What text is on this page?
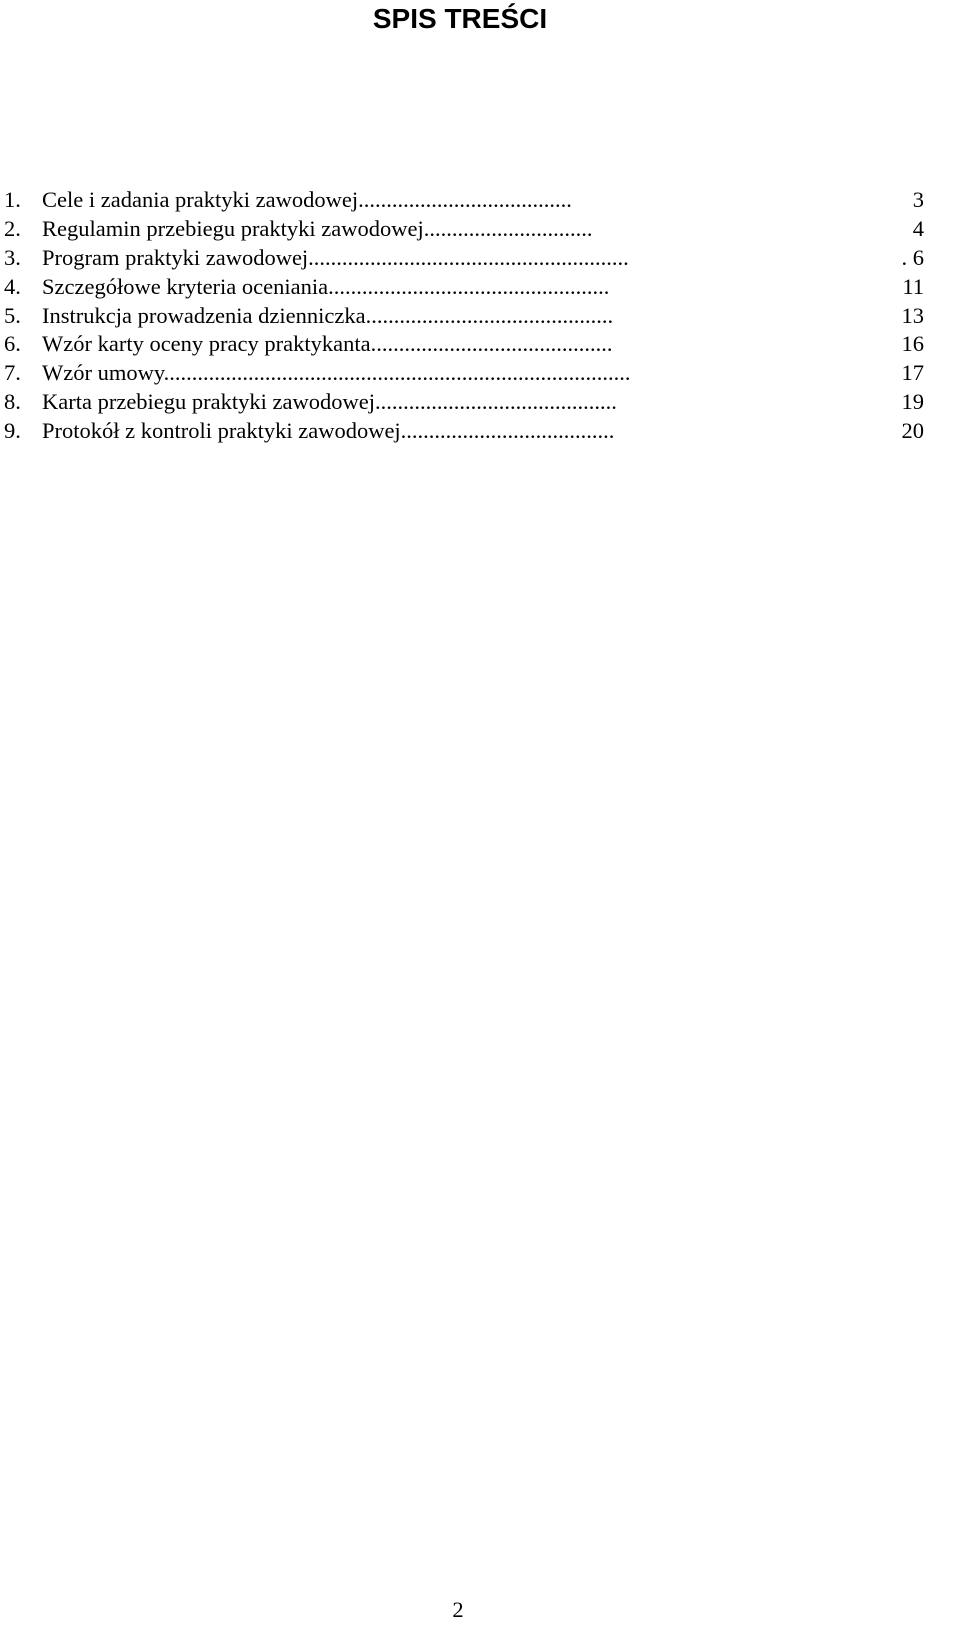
SPIS TREŚCI
1. Cele i zadania praktyki zawodowej......................................	3
2. Regulamin przebiegu praktyki zawodowej..............................	4
3. Program praktyki zawodowej.........................................................	. 6
4. Szczegółowe kryteria oceniania..................................................	11
5. Instrukcja prowadzenia dzienniczka............................................	13
6. Wzór karty oceny pracy praktykanta...........................................	16
7. Wzór umowy...................................................................................	17
8. Karta przebiegu praktyki zawodowej...........................................	19
9. Protokół z kontroli praktyki zawodowej......................................	20
2
